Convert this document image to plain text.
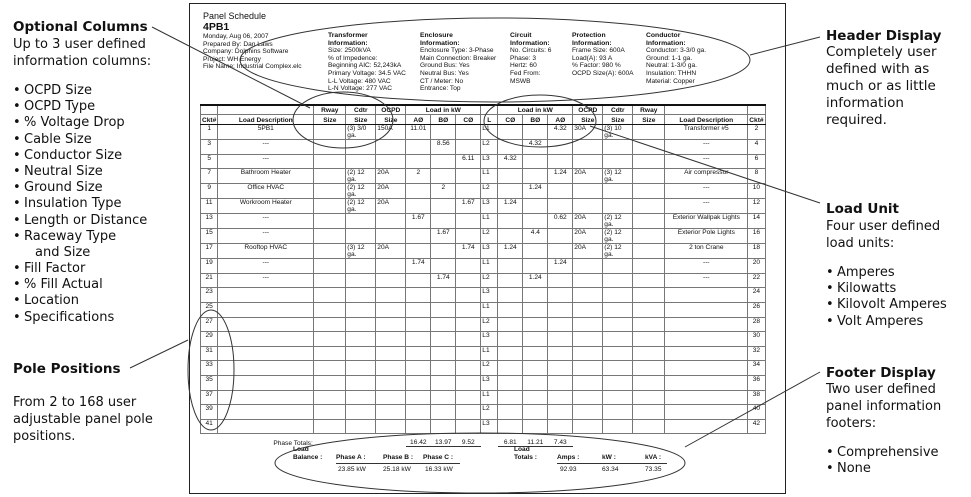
Optional Columns
Up to 3 user defined
information columns:
• OCPD Size
• OCPD Type
• % Voltage Drop
• Cable Size
• Conductor Size
• Neutral Size
• Ground Size
• Insulation Type
• Length or Distance
• Raceway Type
and Size
• Fill Factor
• % Fill Actual
• Location
• Specifications
Pole Positions
From 2 to 168 user
adjustable panel pole
positions.
Header Display
Completely user
defined with as
much or as little
information
required.
Load Unit
Four user defined
load units:
• Amperes
• Kilowatts
• Kilovolt Amperes
• Volt Amperes
Footer Display
Two user defined
panel information
footers:
• Comprehensive
• None
Panel Schedule
4PB1
Monday, Aug 06, 2007
Prepared By: Dan Laws
Company: Dolphins Software
Project: WH Energy
File Name: Industrial Complex.elc
Transformer
Information:
Size: 2500kVA
% of Impedence:
Beginning AIC: 52,243kA
Primary Voltage: 34.5 VAC
L-L Voltage: 480 VAC
L-N Voltage: 277 VAC
Enclosure
Information:
Enclosure Type: 3-Phase
Main Connection: Breaker
Ground Bus: Yes
Neutral Bus: Yes
CT / Meter: No
Entrance: Top
Circuit
Information:
No. Circuits: 6
Phase: 3
Hertz: 60
Fed From:
MSWB
Protection
Information:
Frame Size: 600A
Load(A): 93 A
% Factor: 980 %
OCPD Size(A): 600A
Conductor
Information:
Conductor: 3-3/0 ga.
Ground: 1-1 ga.
Neutral: 1-3/0 ga.
Insulation: THHN
Material: Copper
		Rway	Cdtr	OCPD	Load in kW				Load in kW			OCPD	Cdtr	Rway		
Ckt#	Load Description	Size	Size	Size	AØ	BØ	CØ	L	CØ	BØ	AØ	Size	Size	Size	Load Description	Ckt#
1	5PB1		(3) 3/0 ga.	150A	11.01			L1			4.32	30A	(3) 10 ga.		Transformer #5	2
3	---					8.56		L2		4.32					---	4
5	---						6.11	L3	4.32						---	6
7	Bathroom Heater		(2) 12 ga.	20A	2			L1			1.24	20A	(3) 12 ga.		Air compressor	8
9	Office HVAC		(2) 12 ga.	20A		2		L2		1.24					---	10
11	Workroom Heater		(2) 12 ga.	20A			1.67	L3	1.24						---	12
13	---				1.67			L1			0.62	20A	(2) 12 ga.		Exterior Wallpak Lights	14
15	---					1.67		L2		4.4		20A	(2) 12 ga.		Exterior Pole Lights	16
17	Rooftop HVAC		(3) 12 ga.	20A			1.74	L3	1.24			20A	(2) 12 ga.		2 ton Crane	18
19	---				1.74			L1			1.24				---	20
21	---					1.74		L2		1.24					---	22
23								L3								24
25								L1								26
27								L2								28
29								L3								30
31								L1								32
33								L2								34
35								L3								36
37								L1								38
39								L2								40
41								L3								42
	Phase Totals:				16.42	13.97	9.52		6.81	11.21	7.43					
Load
Balance : Phase A :
23.85 kW
Phase B :
25.18 kW
Phase C :
16.33 kW
Load
Totals :	Amps :
92.93
kW :
63.34
kVA :
73.35
